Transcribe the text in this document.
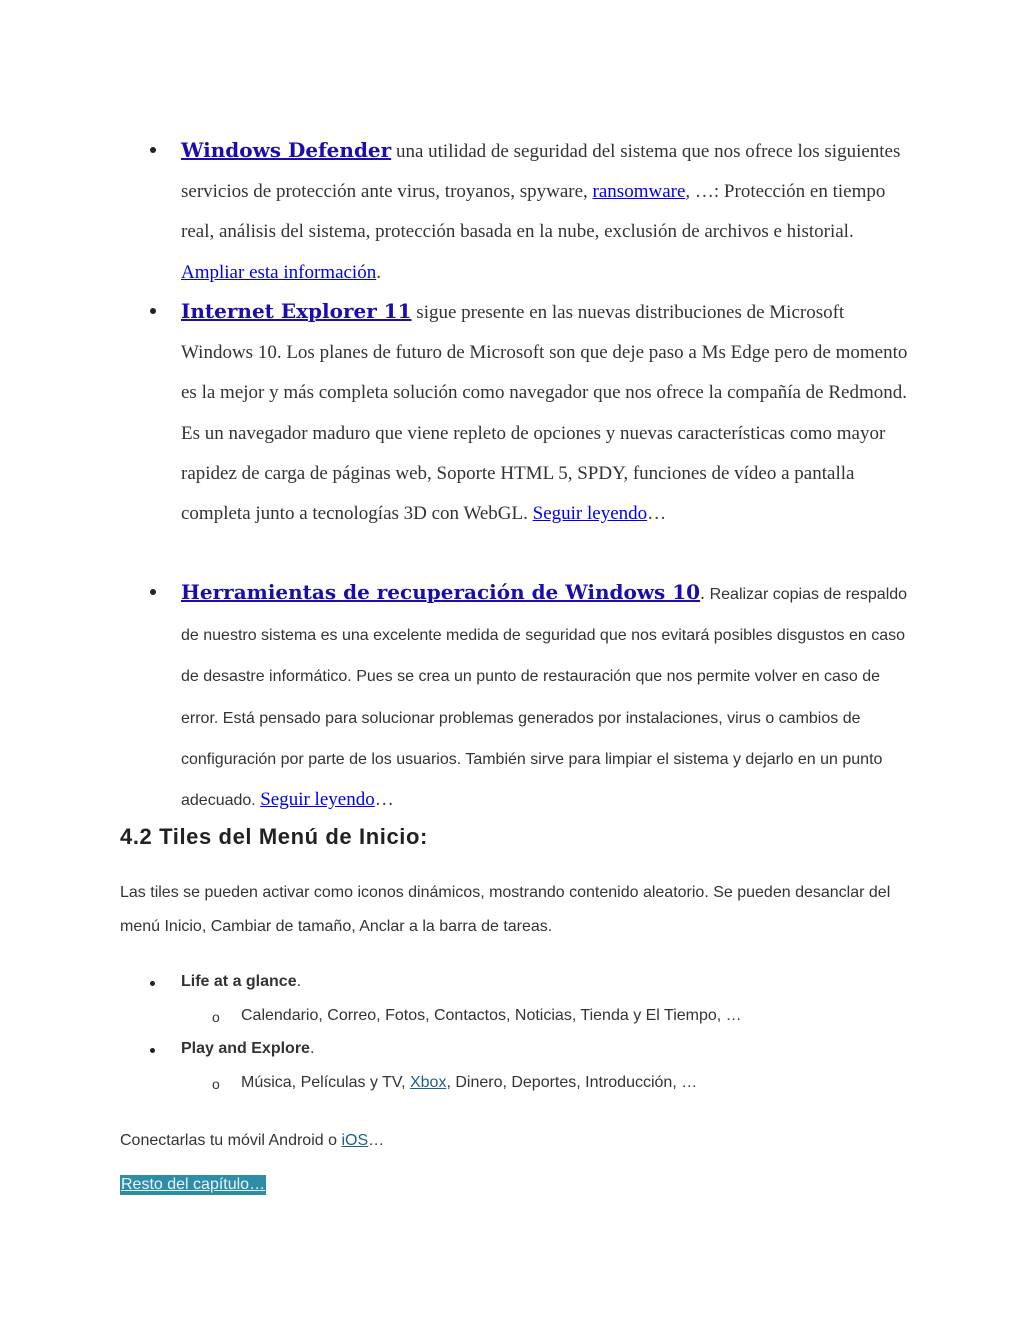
Windows Defender una utilidad de seguridad del sistema que nos ofrece los siguientes servicios de protección ante virus, troyanos, spyware, ransomware, …: Protección en tiempo real, análisis del sistema, protección basada en la nube, exclusión de archivos e historial. Ampliar esta información.
Internet Explorer 11 sigue presente en las nuevas distribuciones de Microsoft Windows 10. Los planes de futuro de Microsoft son que deje paso a Ms Edge pero de momento es la mejor y más completa solución como navegador que nos ofrece la compañía de Redmond. Es un navegador maduro que viene repleto de opciones y nuevas características como mayor rapidez de carga de páginas web, Soporte HTML 5, SPDY, funciones de vídeo a pantalla completa junto a tecnologías 3D con WebGL. Seguir leyendo…
Herramientas de recuperación de Windows 10. Realizar copias de respaldo de nuestro sistema es una excelente medida de seguridad que nos evitará posibles disgustos en caso de desastre informático. Pues se crea un punto de restauración que nos permite volver en caso de error. Está pensado para solucionar problemas generados por instalaciones, virus o cambios de configuración por parte de los usuarios. También sirve para limpiar el sistema y dejarlo en un punto adecuado. Seguir leyendo…
4.2 Tiles del Menú de Inicio:
Las tiles se pueden activar como iconos dinámicos, mostrando contenido aleatorio. Se pueden desanclar del menú Inicio, Cambiar de tamaño, Anclar a la barra de tareas.
Life at a glance.
o Calendario, Correo, Fotos, Contactos, Noticias, Tienda y El Tiempo, …
Play and Explore.
o Música, Películas y TV, Xbox, Dinero, Deportes, Introducción, …
Conectarlas tu móvil Android o iOS…
Resto del capítulo…
